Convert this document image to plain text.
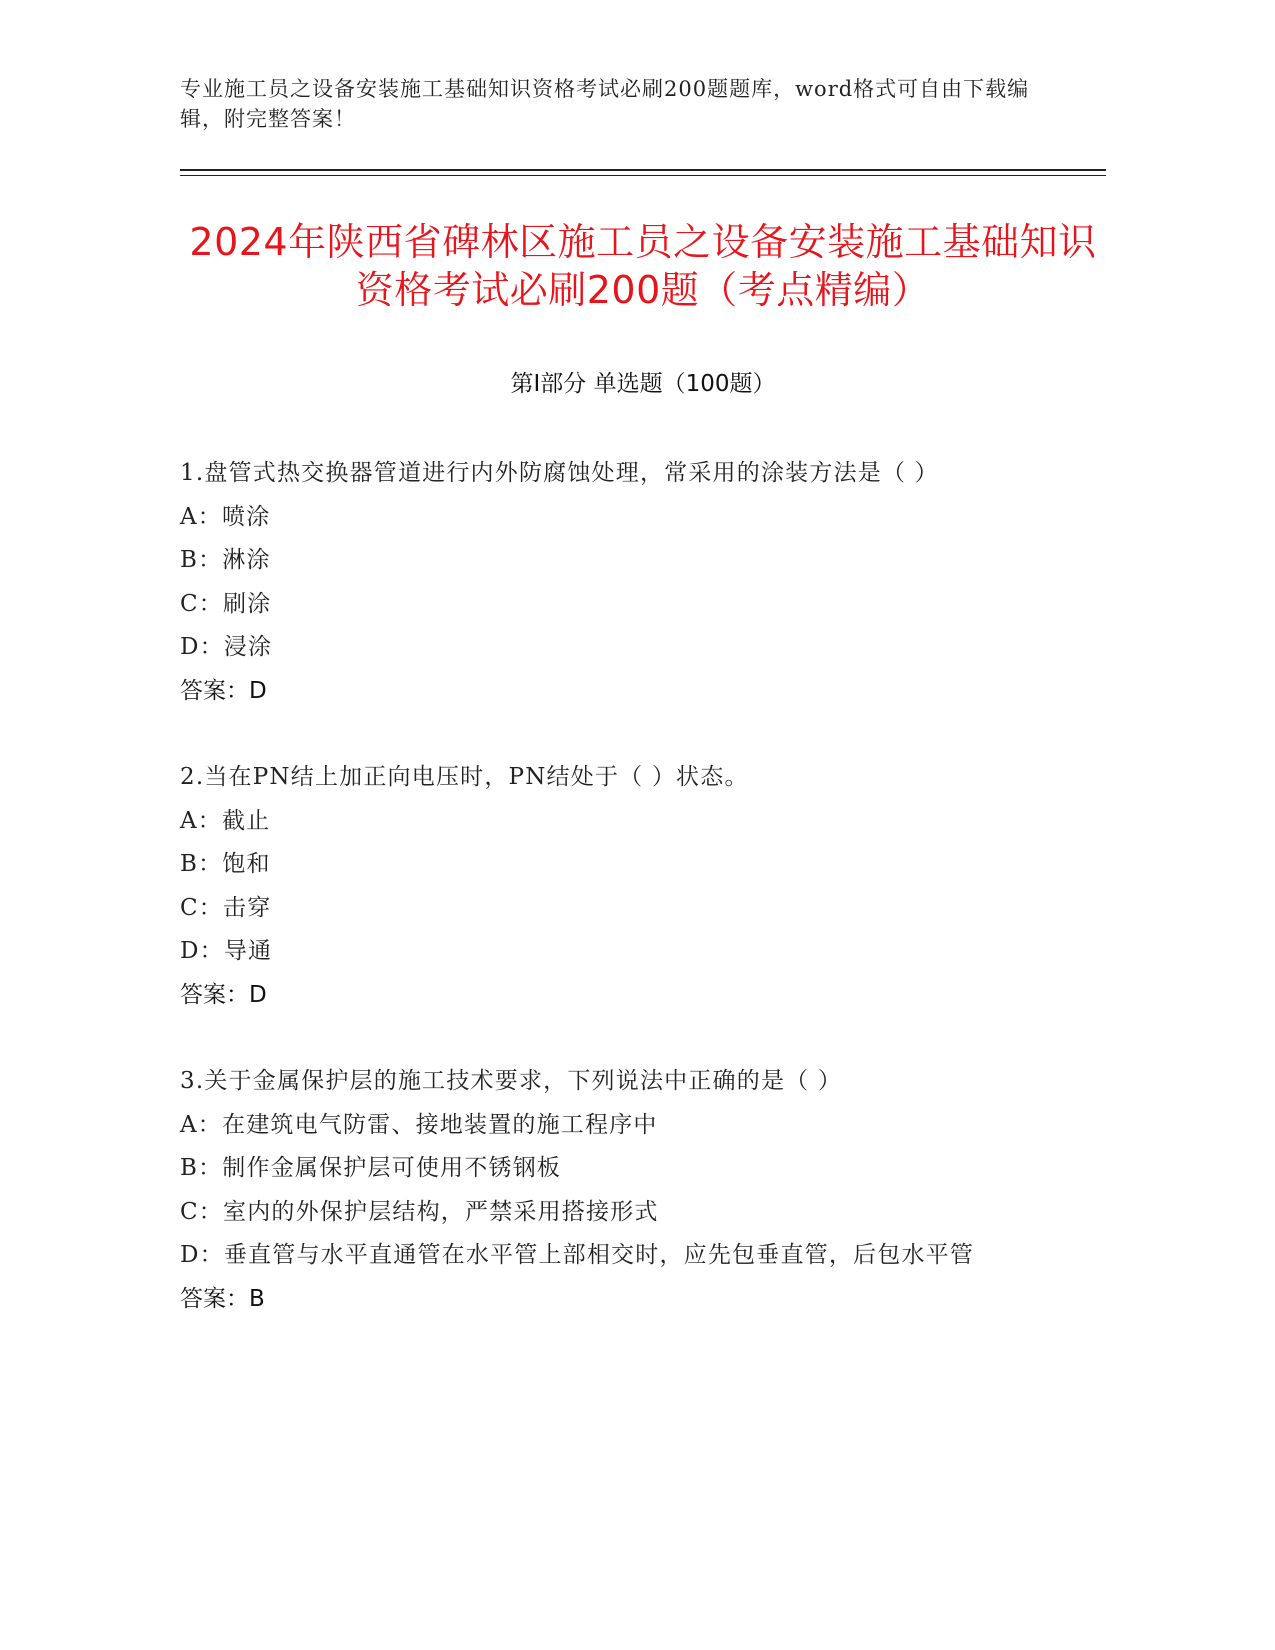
专业施工员之设备安装施工基础知识资格考试必刷200题题库，word格式可自由下载编辑，附完整答案！
2024年陕西省碑林区施工员之设备安装施工基础知识资格考试必刷200题（考点精编）
第Ⅰ部分 单选题（100题）
1.盘管式热交换器管道进行内外防腐蚀处理，常采用的涂装方法是（ ）
A：喷涂
B：淋涂
C：刷涂
D：浸涂
答案：D
2.当在PN结上加正向电压时，PN结处于（ ）状态。
A：截止
B：饱和
C：击穿
D：导通
答案：D
3.关于金属保护层的施工技术要求，下列说法中正确的是（ ）
A：在建筑电气防雷、接地装置的施工程序中
B：制作金属保护层可使用不锈钢板
C：室内的外保护层结构，严禁采用搭接形式
D：垂直管与水平直通管在水平管上部相交时，应先包垂直管，后包水平管
答案：B
